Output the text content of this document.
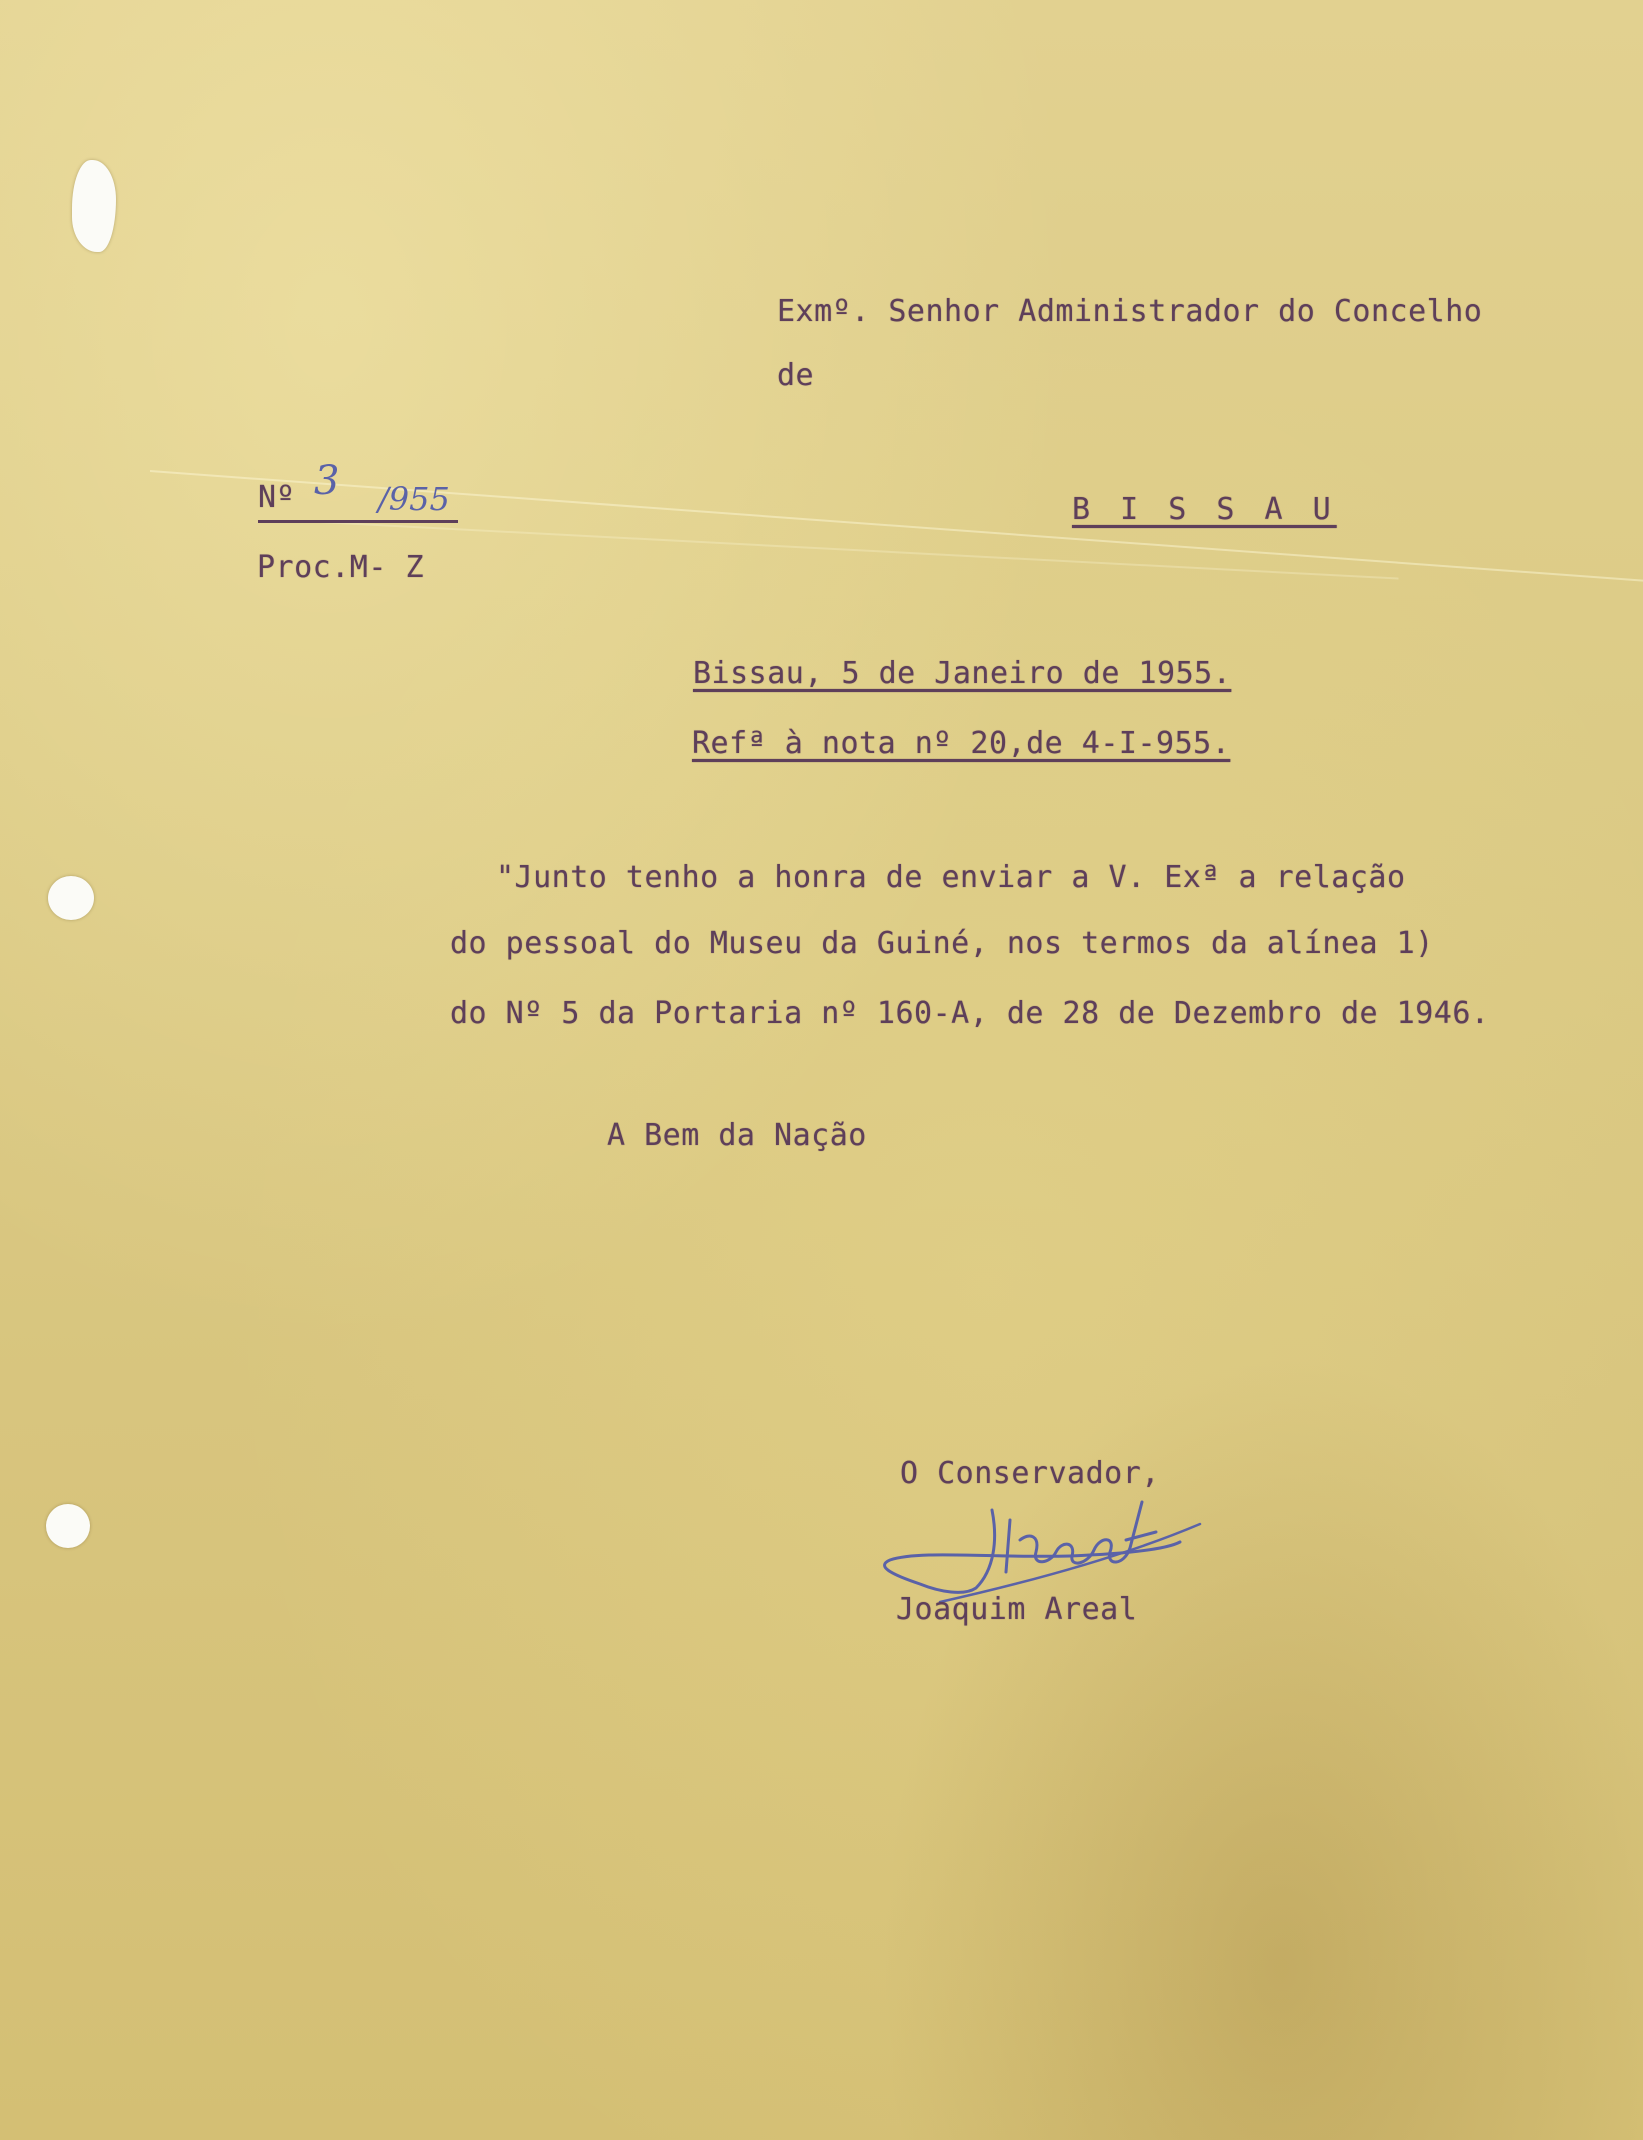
Exmº. Senhor Administrador do Concelho
de
Nº 3 /955
Proc.M- Z
B I S S A U
Bissau, 5 de Janeiro de 1955.
Refª à nota nº 20,de 4-I-955.
"Junto tenho a honra de enviar a V. Exª a relação
do pessoal do Museu da Guiné, nos termos da alínea 1)
do Nº 5 da Portaria nº 160-A, de 28 de Dezembro de 1946.
A Bem da Nação
O Conservador,
Joaquim Areal
